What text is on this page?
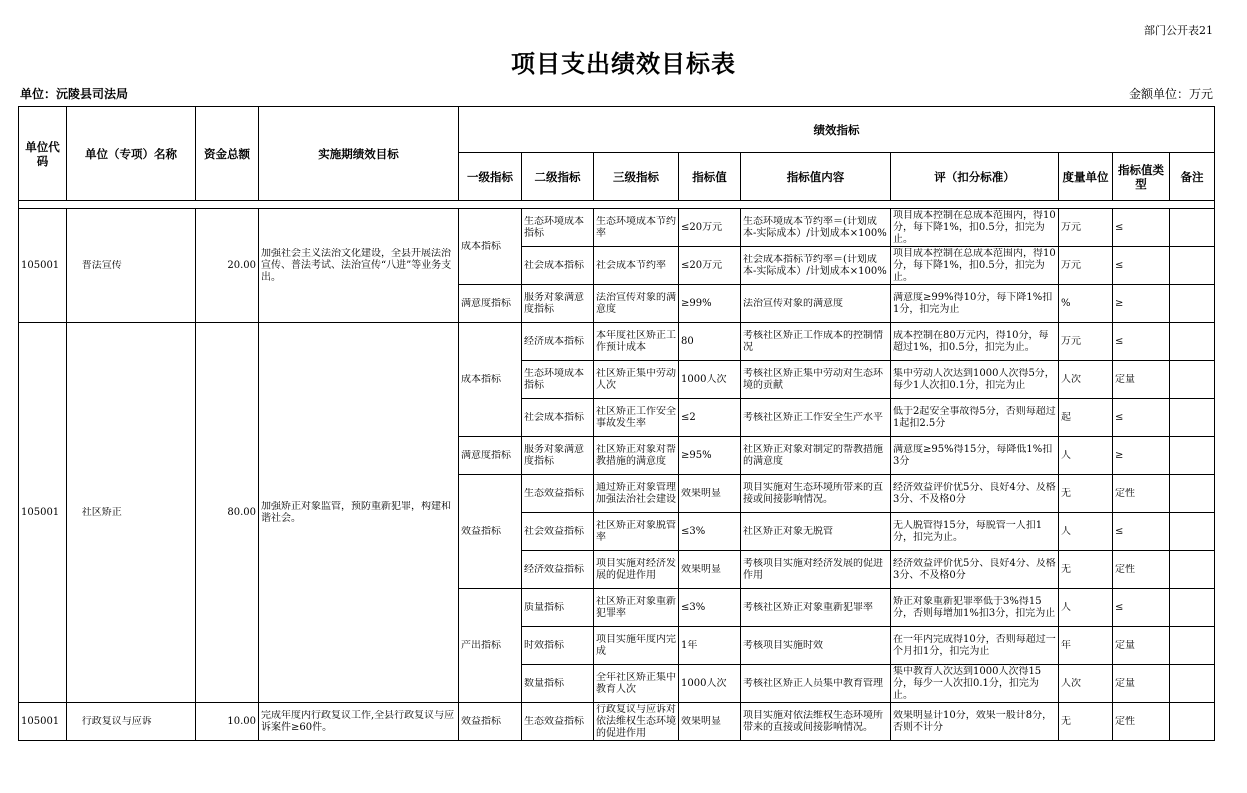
部门公开表21
项目支出绩效目标表
单位：沅陵县司法局	金额单位：万元
单位代码	单位（专项）名称	资金总额	实施期绩效目标	绩效指标								
				一级指标	二级指标	三级指标	指标值	指标值内容	评（扣分标准）	度量单位	指标值类型	备注

105001	普法宣传	20.00	加强社会主义法治文化建设，全县开展法治宣传、普法考试、法治宣传“八进”等业务支出。	成本指标	生态环境成本指标	生态环境成本节约率	≤20万元	生态环境成本节约率＝(计划成本-实际成本）/计划成本×100%	项目成本控制在总成本范围内，得10分，每下降1%，扣0.5分，扣完为止。	万元	≤	

					社会成本指标	社会成本节约率	≤20万元	社会成本指标节约率＝(计划成本-实际成本）/计划成本×100%	项目成本控制在总成本范围内，得10分，每下降1%，扣0.5分，扣完为止。	万元	≤	

				满意度指标	服务对象满意度指标	法治宣传对象的满意度	≥99%	法治宣传对象的满意度	满意度≥99%得10分，每下降1%扣1分，扣完为止	%	≥	

105001	社区矫正	80.00	加强矫正对象监管，预防重新犯罪，构建和谐社会。	成本指标	经济成本指标	本年度社区矫正工作预计成本	80	考核社区矫正工作成本的控制情况	成本控制在80万元内，得10分，每超过1%，扣0.5分，扣完为止。	万元	≤	

					生态环境成本指标	社区矫正集中劳动人次	1000人次	考核社区矫正集中劳动对生态环境的贡献	集中劳动人次达到1000人次得5分，每少1人次扣0.1分，扣完为止	人次	定量	

					社会成本指标	社区矫正工作安全事故发生率	≤2	考核社区矫正工作安全生产水平	低于2起安全事故得5分，否则每超过1起扣2.5分	起	≤	

				满意度指标	服务对象满意度指标	社区矫正对象对帮教措施的满意度	≥95%	社区矫正对象对制定的帮教措施的满意度	满意度≥95%得15分，每降低1%扣3分	人	≥	

				效益指标	生态效益指标	通过矫正对象管理加强法治社会建设	效果明显	项目实施对生态环境所带来的直接或间接影响情况。	经济效益评价优5分、良好4分、及格3分、不及格0分	无	定性	

					社会效益指标	社区矫正对象脱管率	≤3%	社区矫正对象无脱管	无人脱管得15分，每脱管一人扣1分，扣完为止。	人	≤	

					经济效益指标	项目实施对经济发展的促进作用	效果明显	考核项目实施对经济发展的促进作用	经济效益评价优5分、良好4分、及格3分、不及格0分	无	定性	

				产出指标	质量指标	社区矫正对象重新犯罪率	≤3%	考核社区矫正对象重新犯罪率	矫正对象重新犯罪率低于3%得15分，否则每增加1%扣3分，扣完为止	人	≤	

					时效指标	项目实施年度内完成	1年	考核项目实施时效	在一年内完成得10分，否则每超过一个月扣1分，扣完为止	年	定量	

					数量指标	全年社区矫正集中教育人次	1000人次	考核社区矫正人员集中教育管理	集中教育人次达到1000人次得15分，每少一人次扣0.1分，扣完为止。	人次	定量	

105001	行政复议与应诉	10.00	完成年度内行政复议工作,全县行政复议与应诉案件≥60件。	效益指标	生态效益指标	行政复议与应诉对依法维权生态环境的促进作用	效果明显	项目实施对依法维权生态环境所带来的直接或间接影响情况。	效果明显计10分，效果一般计8分，否则不计分	无	定性	
